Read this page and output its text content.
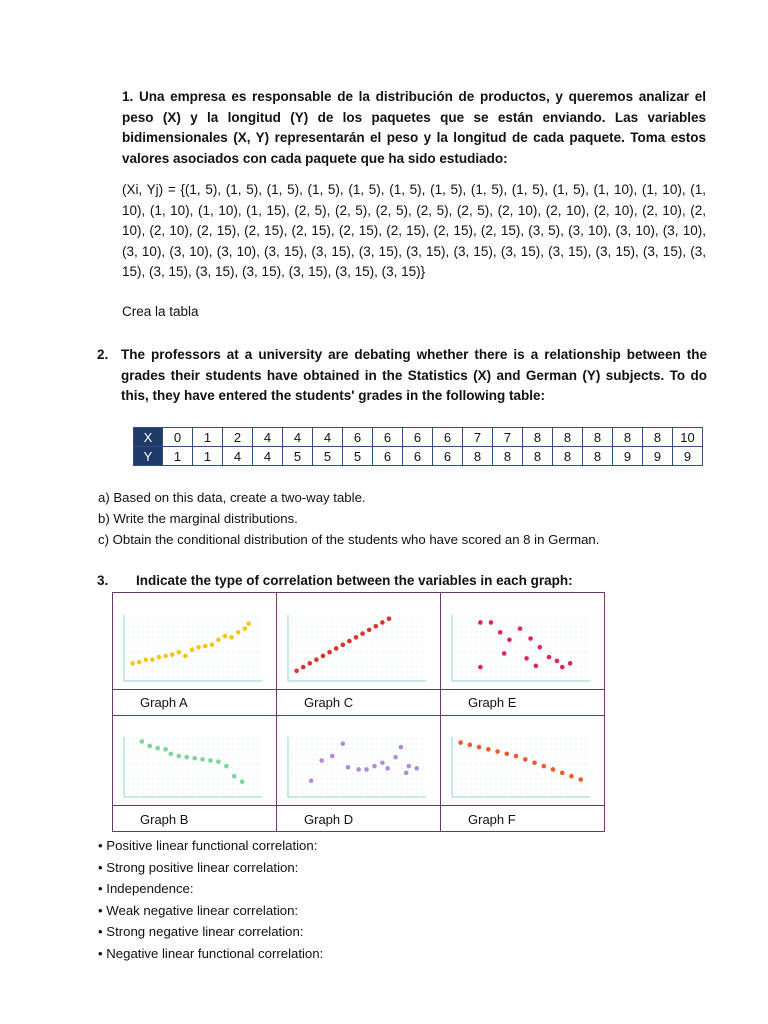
1. Una empresa es responsable de la distribución de productos, y queremos analizar el peso (X) y la longitud (Y) de los paquetes que se están enviando. Las variables bidimensionales (X, Y) representarán el peso y la longitud de cada paquete. Toma estos valores asociados con cada paquete que ha sido estudiado:

(Xi, Yj) = {(1, 5), (1, 5), (1, 5), (1, 5), (1, 5), (1, 5), (1, 5), (1, 5), (1, 5), (1, 5), (1, 10), (1, 10), (1, 10), (1, 10), (1, 10), (1, 15), (2, 5), (2, 5), (2, 5), (2, 5), (2, 5), (2, 10), (2, 10), (2, 10), (2, 10), (2, 10), (2, 10), (2, 15), (2, 15), (2, 15), (2, 15), (2, 15), (2, 15), (2, 15), (3, 5), (3, 10), (3, 10), (3, 10), (3, 10), (3, 10), (3, 10), (3, 15), (3, 15), (3, 15), (3, 15), (3, 15), (3, 15), (3, 15), (3, 15), (3, 15), (3, 15), (3, 15), (3, 15), (3, 15), (3, 15), (3, 15), (3, 15)}

Crea la tabla

2. The professors at a university are debating whether there is a relationship between the grades their students have obtained in the Statistics (X) and German (Y) subjects. To do this, they have entered the students' grades in the following table:

X	0	1	2	4	4	4	6	6	6	6	7	7	8	8	8	8	8	10
Y	1	1	4	4	5	5	5	6	6	6	8	8	8	8	8	9	9	9

a) Based on this data, create a two-way table.

b) Write the marginal distributions.

c) Obtain the conditional distribution of the students who have scored an 8 in German.

3. Indicate the type of correlation between the variables in each graph:

Graph A	Graph C	Graph E
Graph B	Graph D	Graph F
• Positive linear functional correlation:
• Strong positive linear correlation:
• Independence:
• Weak negative linear correlation:
• Strong negative linear correlation:
• Negative linear functional correlation:
